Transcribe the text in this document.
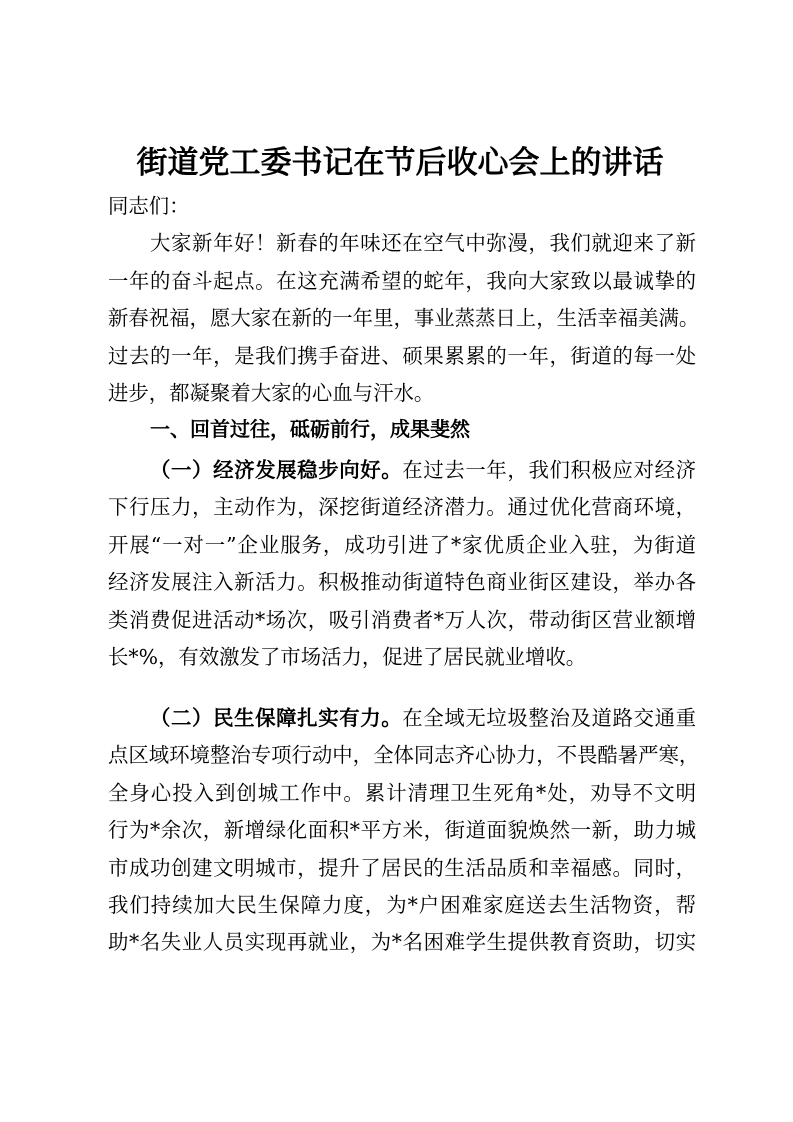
街道党工委书记在节后收心会上的讲话
同志们：
大家新年好！新春的年味还在空气中弥漫，我们就迎来了新
一年的奋斗起点。在这充满希望的蛇年，我向大家致以最诚挚的
新春祝福，愿大家在新的一年里，事业蒸蒸日上，生活幸福美满。
过去的一年，是我们携手奋进、硕果累累的一年，街道的每一处
进步，都凝聚着大家的心血与汗水。
一、回首过往，砥砺前行，成果斐然
（一）经济发展稳步向好。在过去一年，我们积极应对经济
下行压力，主动作为，深挖街道经济潜力。通过优化营商环境，
开展“一对一”企业服务，成功引进了*家优质企业入驻，为街道
经济发展注入新活力。积极推动街道特色商业街区建设，举办各
类消费促进活动*场次，吸引消费者*万人次，带动街区营业额增
长*%，有效激发了市场活力，促进了居民就业增收。
（二）民生保障扎实有力。在全域无垃圾整治及道路交通重
点区域环境整治专项行动中，全体同志齐心协力，不畏酷暑严寒，
全身心投入到创城工作中。累计清理卫生死角*处，劝导不文明
行为*余次，新增绿化面积*平方米，街道面貌焕然一新，助力城
市成功创建文明城市，提升了居民的生活品质和幸福感。同时，
我们持续加大民生保障力度，为*户困难家庭送去生活物资，帮
助*名失业人员实现再就业，为*名困难学生提供教育资助，切实
